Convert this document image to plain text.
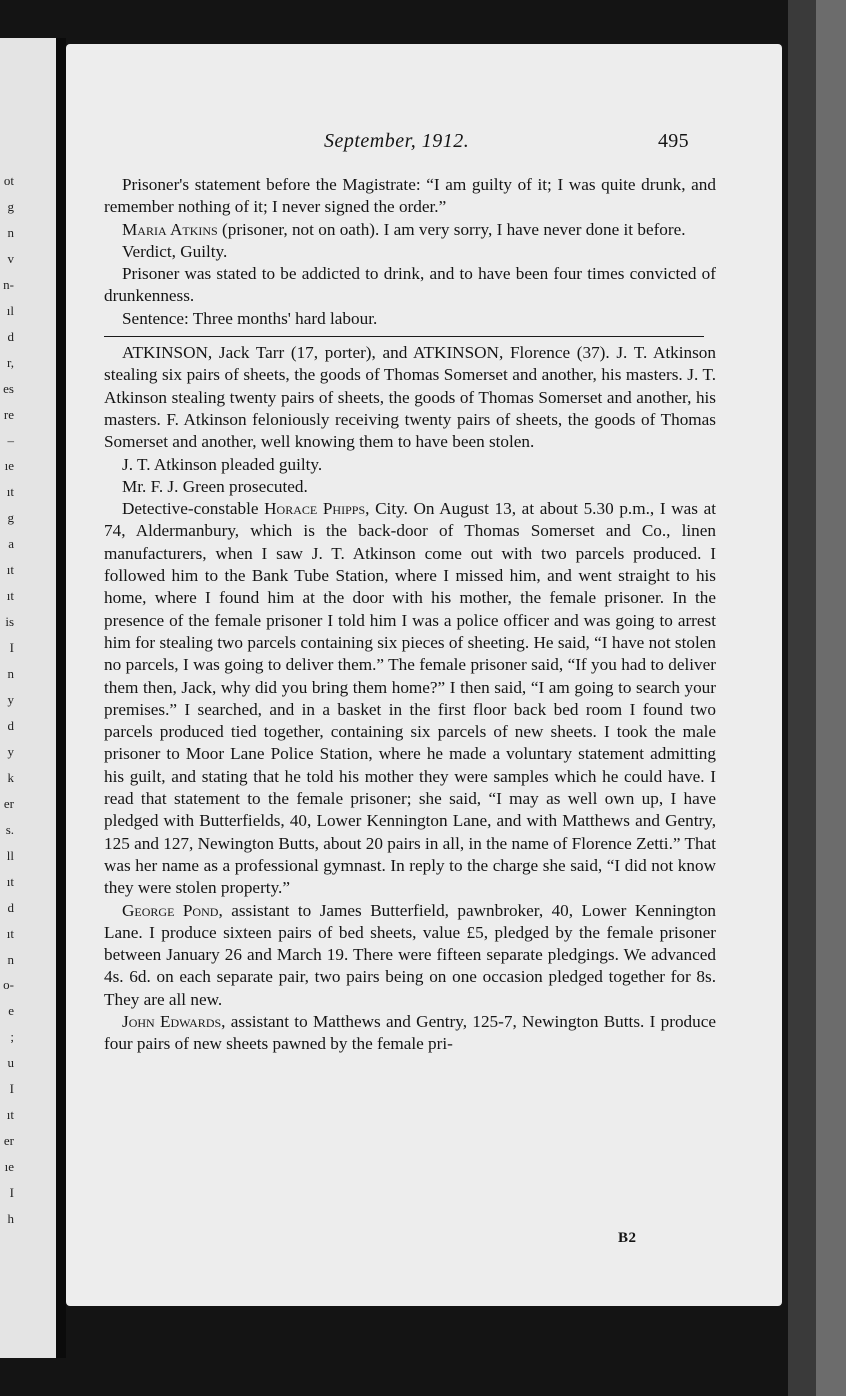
ot
g
n
v
n-
ıl
d
r,
es
re
–
ıe
ıt
g
a
ıt
ıt
is
I
n
y
d
y
k
er
s.
ll
ıt
d
ıt
n
o-
e
;
u
I
ıt
er
ıe
I
h
September, 1912.	495

Prisoner's statement before the Magistrate: “I am guilty of it; I was quite drunk, and remember nothing of it; I never signed the order.”

Maria Atkins (prisoner, not on oath). I am very sorry, I have never done it before.

Verdict, Guilty.

Prisoner was stated to be addicted to drink, and to have been four times convicted of drunkenness.

Sentence: Three months' hard labour.

ATKINSON, Jack Tarr (17, porter), and ATKINSON, Florence (37). J. T. Atkinson stealing six pairs of sheets, the goods of Thomas Somerset and another, his masters. J. T. Atkinson stealing twenty pairs of sheets, the goods of Thomas Somerset and another, his masters. F. Atkinson feloniously receiving twenty pairs of sheets, the goods of Thomas Somerset and another, well knowing them to have been stolen.

J. T. Atkinson pleaded guilty.

Mr. F. J. Green prosecuted.

Detective-constable Horace Phipps, City. On August 13, at about 5.30 p.m., I was at 74, Aldermanbury, which is the back-door of Thomas Somerset and Co., linen manufacturers, when I saw J. T. Atkinson come out with two parcels produced. I followed him to the Bank Tube Station, where I missed him, and went straight to his home, where I found him at the door with his mother, the female prisoner. In the presence of the female prisoner I told him I was a police officer and was going to arrest him for stealing two parcels containing six pieces of sheeting. He said, “I have not stolen no parcels, I was going to deliver them.” The female prisoner said, “If you had to deliver them then, Jack, why did you bring them home?” I then said, “I am going to search your premises.” I searched, and in a basket in the first floor back bed room I found two parcels produced tied together, containing six parcels of new sheets. I took the male prisoner to Moor Lane Police Station, where he made a voluntary statement admitting his guilt, and stating that he told his mother they were samples which he could have. I read that statement to the female prisoner; she said, “I may as well own up, I have pledged with Butterfields, 40, Lower Kennington Lane, and with Matthews and Gentry, 125 and 127, Newington Butts, about 20 pairs in all, in the name of Florence Zetti.” That was her name as a professional gymnast. In reply to the charge she said, “I did not know they were stolen property.”

George Pond, assistant to James Butterfield, pawnbroker, 40, Lower Kennington Lane. I produce sixteen pairs of bed sheets, value £5, pledged by the female prisoner between January 26 and March 19. There were fifteen separate pledgings. We advanced 4s. 6d. on each separate pair, two pairs being on one occasion pledged together for 8s. They are all new.

John Edwards, assistant to Matthews and Gentry, 125-7, Newington Butts. I produce four pairs of new sheets pawned by the female pri-

B2
